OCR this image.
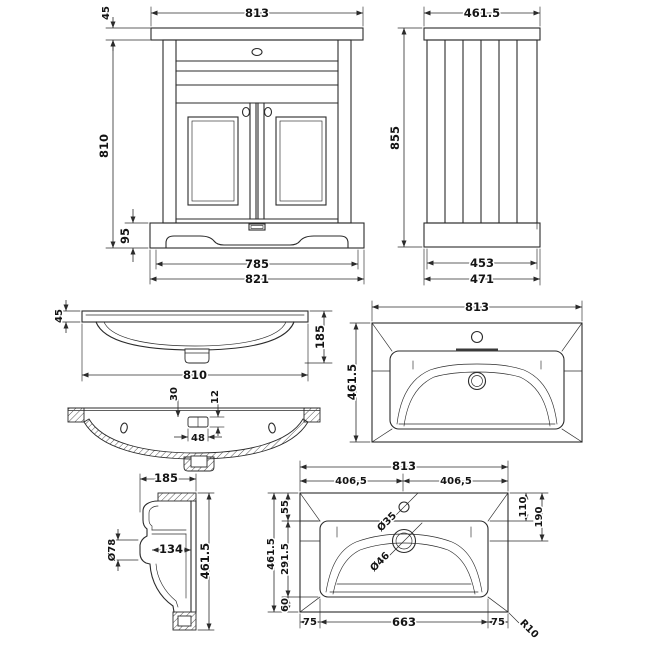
813
45
810
95
785
821
461.5
855
453
471
45
185
810
813
461.5
30	12
48
185
Ø78	134 461.5
813
406,5	406,5
55
291.5
60
461.5
110 190
75	663	75 R10
Ø35
Ø46
